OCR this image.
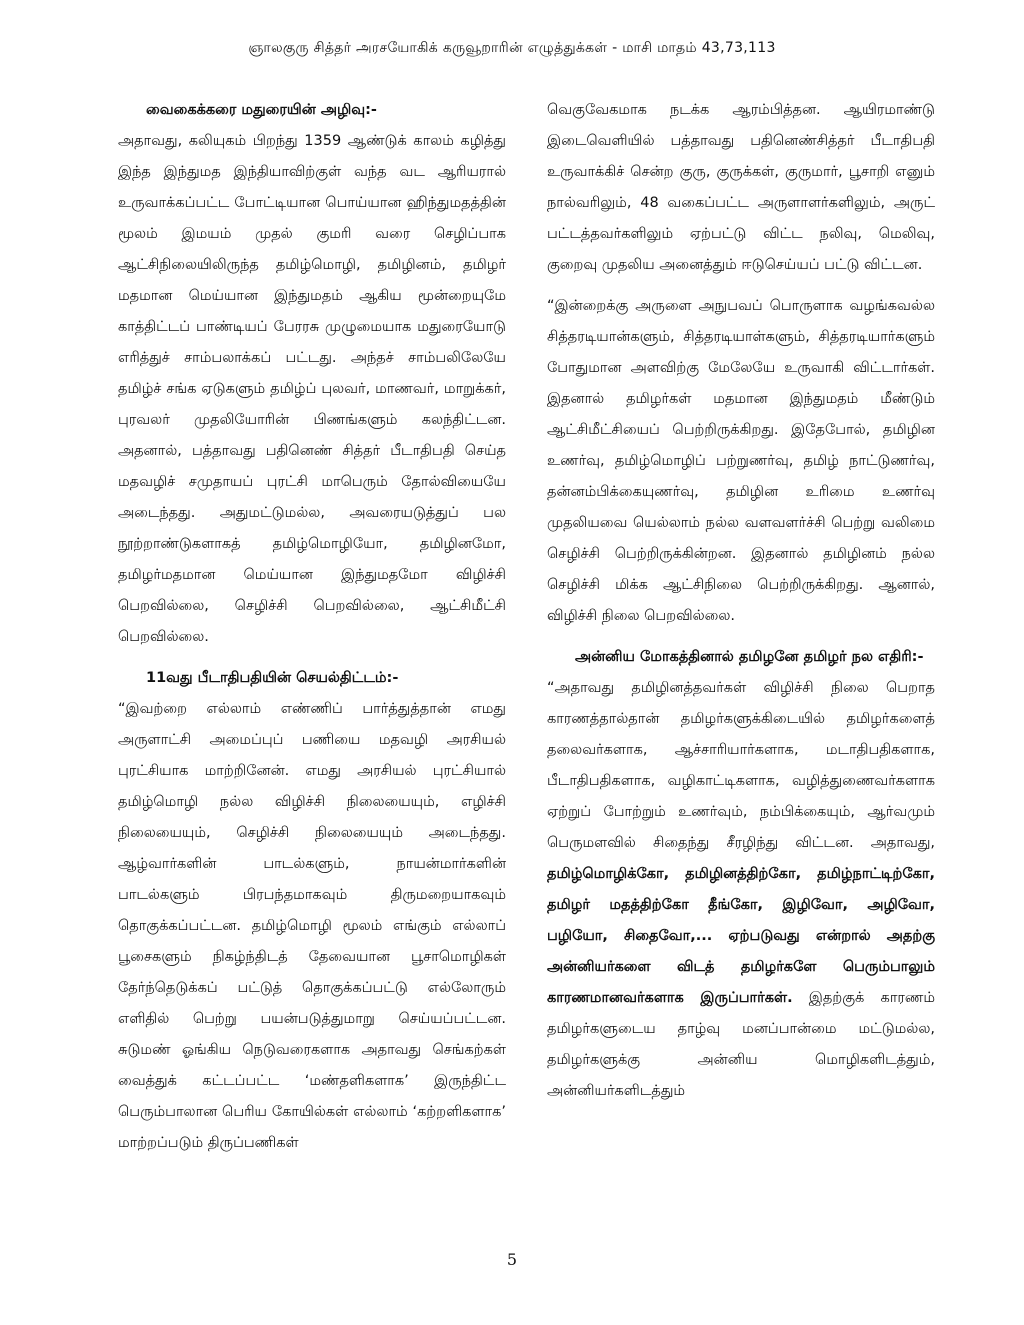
ஞாலகுரு சித்தர் அரசயோகிக் கருவூறாரின் எழுத்துக்கள் - மாசி மாதம் 43,73,113

வைகைக்கரை மதுரையின் அழிவு:-

அதாவது, கலியுகம் பிறந்து 1359 ஆண்டுக் காலம் கழித்து இந்த இந்துமத இந்தியாவிற்குள் வந்த வட ஆரியரால் உருவாக்கப்பட்ட போட்டியான பொய்யான ஹிந்துமதத்தின் மூலம் இமயம் முதல் குமரி வரை செழிப்பாக ஆட்சிநிலையிலிருந்த தமிழ்மொழி, தமிழினம், தமிழர் மதமான மெய்யான இந்துமதம் ஆகிய மூன்றையுமே காத்திட்டப் பாண்டியப் பேரரசு முழுமையாக மதுரையோடு எரித்துச் சாம்பலாக்கப் பட்டது. அந்தச் சாம்பலிலேயே தமிழ்ச் சங்க ஏடுகளும் தமிழ்ப் புலவர், மாணவர், மாறுக்கர், புரவலர் முதலியோரின் பிணங்களும் கலந்திட்டன. அதனால், பத்தாவது பதினெண் சித்தர் பீடாதிபதி செய்த மதவழிச் சமுதாயப் புரட்சி மாபெரும் தோல்வியையே அடைந்தது. அதுமட்டுமல்ல, அவரையடுத்துப் பல நூற்றாண்டுகளாகத் தமிழ்மொழியோ, தமிழினமோ, தமிழர்மதமான மெய்யான இந்துமதமோ விழிச்சி பெறவில்லை, செழிச்சி பெறவில்லை, ஆட்சிமீட்சி பெறவில்லை.

11வது பீடாதிபதியின் செயல்திட்டம்:-

“இவற்றை எல்லாம் எண்ணிப் பார்த்துத்தான் எமது அருளாட்சி அமைப்புப் பணியை மதவழி அரசியல் புரட்சியாக மாற்றினேன். எமது அரசியல் புரட்சியால் தமிழ்மொழி நல்ல விழிச்சி நிலையையும், எழிச்சி நிலையையும், செழிச்சி நிலையையும் அடைந்தது. ஆழ்வார்களின் பாடல்களும், நாயன்மார்களின் பாடல்களும் பிரபந்தமாகவும் திருமறையாகவும் தொகுக்கப்பட்டன. தமிழ்மொழி மூலம் எங்கும் எல்லாப் பூசைகளும் நிகழ்ந்திடத் தேவையான பூசாமொழிகள் தேர்ந்தெடுக்கப் பட்டுத் தொகுக்கப்பட்டு எல்லோரும் எளிதில் பெற்று பயன்படுத்துமாறு செய்யப்பட்டன. சுடுமண் ஓங்கிய நெடுவரைகளாக அதாவது செங்கற்கள் வைத்துக் கட்டப்பட்ட ‘மண்தளிகளாக’ இருந்திட்ட பெரும்பாலான பெரிய கோயில்கள் எல்லாம் ‘கற்றளிகளாக’ மாற்றப்படும் திருப்பணிகள்

வெகுவேகமாக நடக்க ஆரம்பித்தன. ஆயிரமாண்டு இடைவெளியில் பத்தாவது பதினெண்சித்தர் பீடாதிபதி உருவாக்கிச் சென்ற குரு, குருக்கள், குருமார், பூசாறி எனும் நால்வரிலும், 48 வகைப்பட்ட அருளாளர்களிலும், அருட் பட்டத்தவர்களிலும் ஏற்பட்டு விட்ட நலிவு, மெலிவு, குறைவு முதலிய அனைத்தும் ஈடுசெய்யப் பட்டு விட்டன.

“இன்றைக்கு அருளை அநுபவப் பொருளாக வழங்கவல்ல சித்தரடியான்களும், சித்தரடியாள்களும், சித்தரடியார்களும் போதுமான அளவிற்கு மேலேயே உருவாகி விட்டார்கள். இதனால் தமிழர்கள் மதமான இந்துமதம் மீண்டும் ஆட்சிமீட்சியைப் பெற்றிருக்கிறது. இதேபோல், தமிழின உணர்வு, தமிழ்மொழிப் பற்றுணர்வு, தமிழ் நாட்டுணர்வு, தன்னம்பிக்கையுணர்வு, தமிழின உரிமை உணர்வு முதலியவை யெல்லாம் நல்ல வளவளர்ச்சி பெற்று வலிமை செழிச்சி பெற்றிருக்கின்றன. இதனால் தமிழினம் நல்ல செழிச்சி மிக்க ஆட்சிநிலை பெற்றிருக்கிறது. ஆனால், விழிச்சி நிலை பெறவில்லை.

அன்னிய மோகத்தினால் தமிழனே தமிழர் நல எதிரி:-

“அதாவது தமிழினத்தவர்கள் விழிச்சி நிலை பெறாத காரணத்தால்தான் தமிழர்களுக்கிடையில் தமிழர்களைத் தலைவர்களாக, ஆச்சாரியார்களாக, மடாதிபதிகளாக, பீடாதிபதிகளாக, வழிகாட்டிகளாக, வழித்துணைவர்களாக ஏற்றுப் போற்றும் உணர்வும், நம்பிக்கையும், ஆர்வமும் பெருமளவில் சிதைந்து சீரழிந்து விட்டன. அதாவது, தமிழ்மொழிக்கோ, தமிழினத்திற்கோ, தமிழ்நாட்டிற்கோ, தமிழர் மதத்திற்கோ தீங்கோ, இழிவோ, அழிவோ, பழியோ, சிதைவோ,... ஏற்படுவது என்றால் அதற்கு அன்னியர்களை விடத் தமிழர்களே பெரும்பாலும் காரணமானவர்களாக இருப்பார்கள். இதற்குக் காரணம் தமிழர்களுடைய தாழ்வு மனப்பான்மை மட்டுமல்ல, தமிழர்களுக்கு அன்னிய மொழிகளிடத்தும், அன்னியர்களிடத்தும்

5
